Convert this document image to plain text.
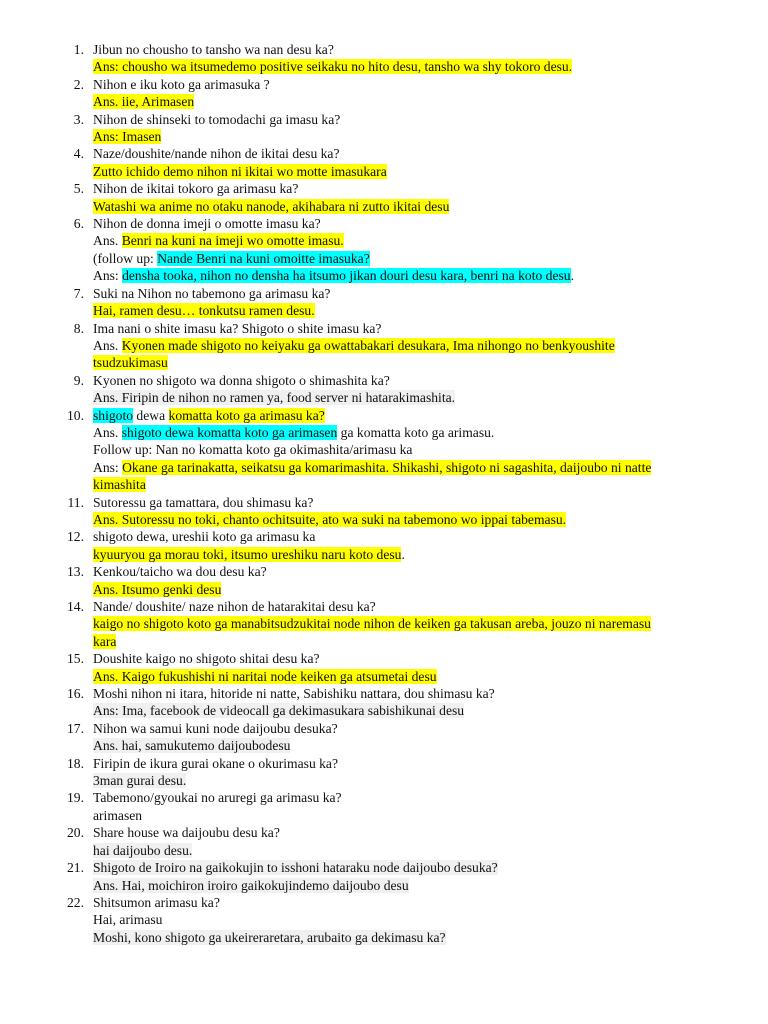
1. Jibun no chousho to tansho wa nan desu ka?
Ans: chousho wa itsumedemo positive seikaku no hito desu, tansho wa shy tokoro desu.
2. Nihon e iku koto ga arimasuka ?
Ans. iie, Arimasen
3. Nihon de shinseki to tomodachi ga imasu ka?
Ans: Imasen
4. Naze/doushite/nande nihon de ikitai desu ka?
Zutto ichido demo nihon ni ikitai wo motte imasukara
5. Nihon de ikitai tokoro ga arimasu ka?
Watashi wa anime no otaku nanode, akihabara ni zutto ikitai desu
6. Nihon de donna imeji o omotte imasu ka?
Ans. Benri na kuni na imeji wo omotte imasu.
(follow up: Nande Benri na kuni omoitte imasuka?
Ans: densha tooka, nihon no densha ha itsumo jikan douri desu kara, benri na koto desu.
7. Suki na Nihon no tabemono ga arimasu ka?
Hai, ramen desu… tonkutsu ramen desu.
8. Ima nani o shite imasu ka? Shigoto o shite imasu ka?
Ans. Kyonen made shigoto no keiyaku ga owattabakari desukara, Ima nihongo no benkyoushite
tsudzukimasu
9. Kyonen no shigoto wa donna shigoto o shimashita ka?
Ans. Firipin de nihon no ramen ya, food server ni hatarakimashita.
10. shigoto dewa komatta koto ga arimasu ka?
Ans. shigoto dewa komatta koto ga arimasen ga komatta koto ga arimasu.
Follow up: Nan no komatta koto ga okimashita/arimasu ka
Ans: Okane ga tarinakatta, seikatsu ga komarimashita. Shikashi, shigoto ni sagashita, daijoubo ni natte
kimashita
11. Sutoressu ga tamattara, dou shimasu ka?
Ans. Sutoressu no toki, chanto ochitsuite, ato wa suki na tabemono wo ippai tabemasu.
12. shigoto dewa, ureshii koto ga arimasu ka
kyuuryou ga morau toki, itsumo ureshiku naru koto desu.
13. Kenkou/taicho wa dou desu ka?
Ans. Itsumo genki desu
14. Nande/ doushite/ naze nihon de hatarakitai desu ka?
kaigo no shigoto koto ga manabitsudzukitai node nihon de keiken ga takusan areba, jouzo ni naremasu
kara
15. Doushite kaigo no shigoto shitai desu ka?
Ans. Kaigo fukushishi ni naritai node keiken ga atsumetai desu
16. Moshi nihon ni itara, hitoride ni natte, Sabishiku nattara, dou shimasu ka?
Ans: Ima, facebook de videocall ga dekimasukara sabishikunai desu
17. Nihon wa samui kuni node daijoubu desuka?
Ans. hai, samukutemo daijoubodesu
18. Firipin de ikura gurai okane o okurimasu ka?
3man gurai desu.
19. Tabemono/gyoukai no aruregi ga arimasu ka?
arimasen
20. Share house wa daijoubu desu ka?
hai daijoubo desu.
21. Shigoto de Iroiro na gaikokujin to isshoni hataraku node daijoubo desuka?
Ans. Hai, moichiron iroiro gaikokujindemo daijoubo desu
22. Shitsumon arimasu ka?
Hai, arimasu
Moshi, kono shigoto ga ukeireraretara, arubaito ga dekimasu ka?
